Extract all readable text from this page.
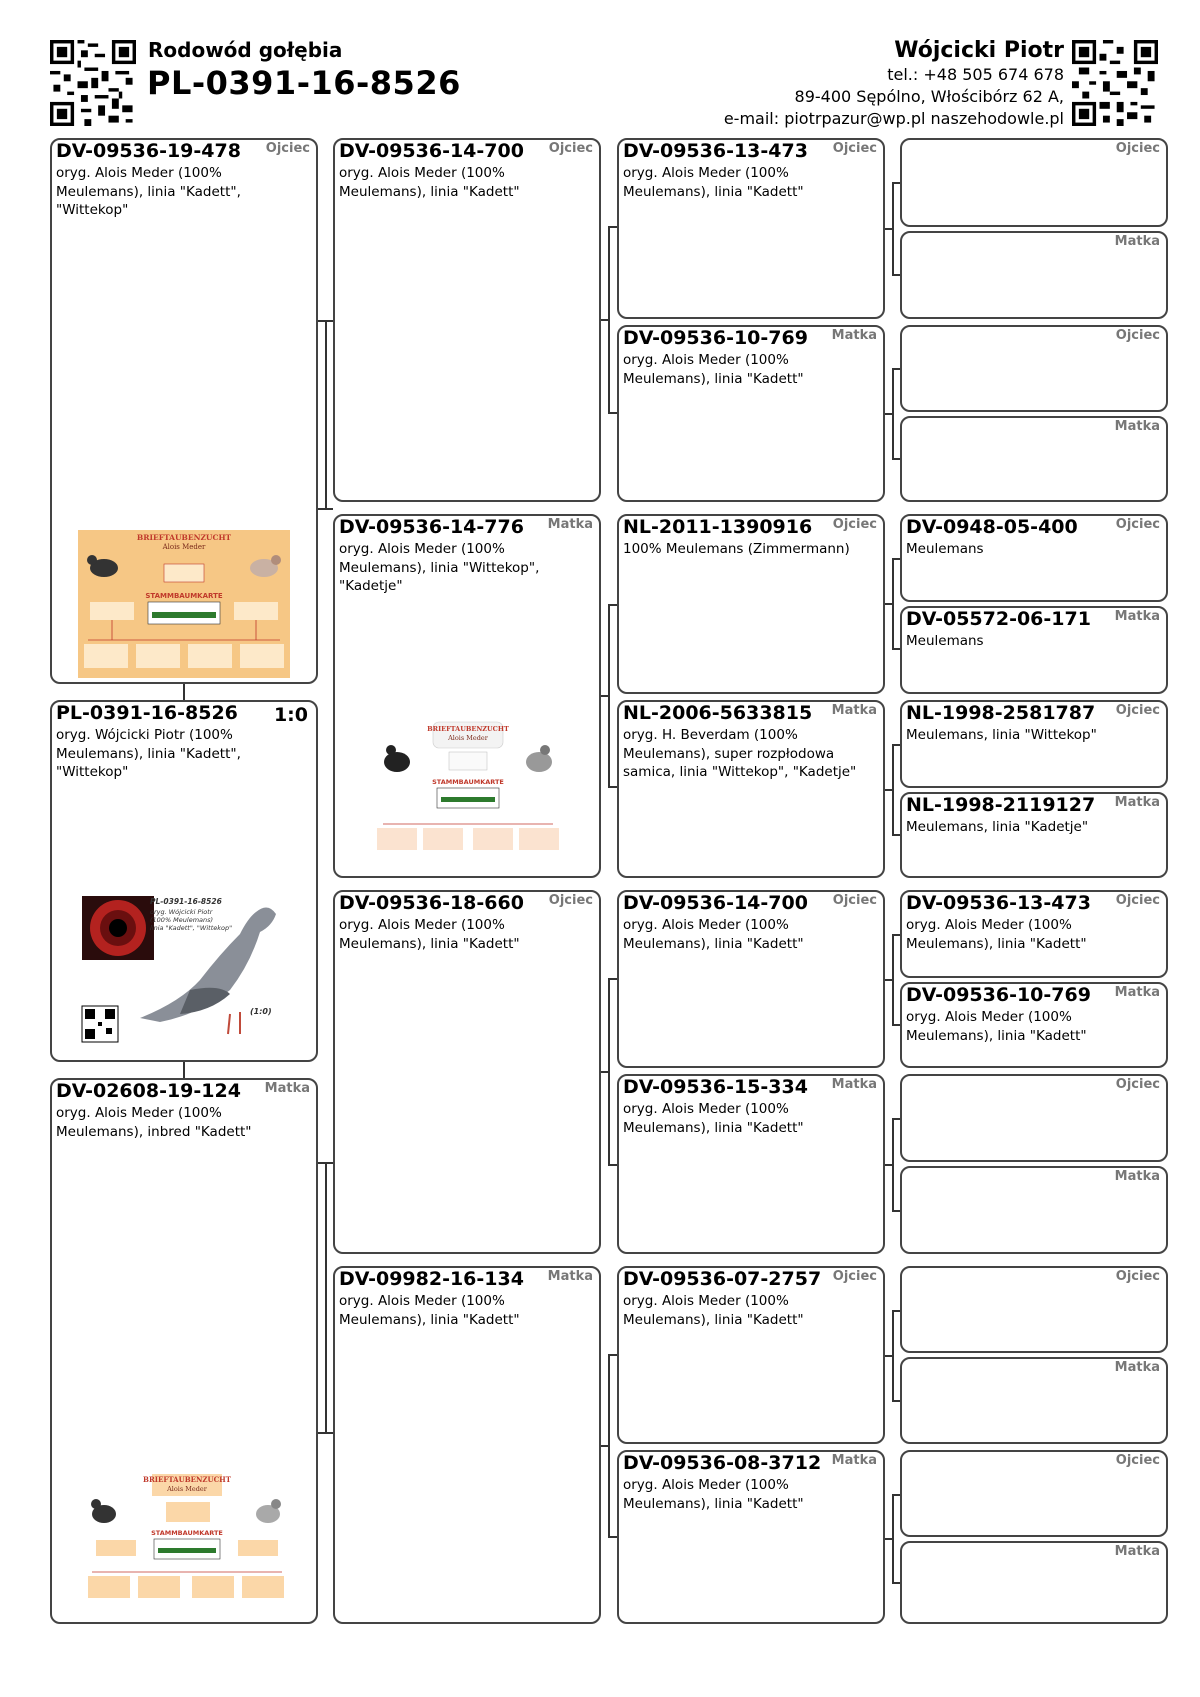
Rodowód gołębia
PL-0391-16-8526
Wójcicki Piotr
tel.: +48 505 674 678
89-400 Sępólno, Włościbórz 62 A,
e-mail: piotrpazur@wp.pl naszehodowle.pl
DV-09536-19-478 Ojciec
oryg. Alois Meder (100% Meulemans), linia "Kadett", "Wittekop"
BRIEFTAUBENZUCHT
Alois Meder
STAMMBAUMKARTE
PL-0391-16-8526 1:0
oryg. Wójcicki Piotr (100% Meulemans), linia "Kadett", "Wittekop"
PL-0391-16-8526
oryg. Wójcicki Piotr
(100% Meulemans)
linia "Kadett", "Wittekop"
(1:0)
DV-02608-19-124 Matka
oryg. Alois Meder (100% Meulemans), inbred "Kadett"
BRIEFTAUBENZUCHT
Alois Meder
STAMMBAUMKARTE
DV-09536-14-700 Ojciec
oryg. Alois Meder (100% Meulemans), linia "Kadett"
DV-09536-14-776 Matka
oryg. Alois Meder (100% Meulemans), linia "Wittekop", "Kadetje"
BRIEFTAUBENZUCHT
Alois Meder
STAMMBAUMKARTE
DV-09536-18-660 Ojciec
oryg. Alois Meder (100% Meulemans), linia "Kadett"
DV-09982-16-134 Matka
oryg. Alois Meder (100% Meulemans), linia "Kadett"
DV-09536-13-473 Ojciec
oryg. Alois Meder (100% Meulemans), linia "Kadett"
DV-09536-10-769 Matka
oryg. Alois Meder (100% Meulemans), linia "Kadett"
NL-2011-1390916 Ojciec
100% Meulemans (Zimmermann)
NL-2006-5633815 Matka
oryg. H. Beverdam (100% Meulemans), super rozpłodowa samica, linia "Wittekop", "Kadetje"
DV-09536-14-700 Ojciec
oryg. Alois Meder (100% Meulemans), linia "Kadett"
DV-09536-15-334 Matka
oryg. Alois Meder (100% Meulemans), linia "Kadett"
DV-09536-07-2757 Ojciec
oryg. Alois Meder (100% Meulemans), linia "Kadett"
DV-09536-08-3712 Matka
oryg. Alois Meder (100% Meulemans), linia "Kadett"
Ojciec
Matka
Ojciec
Matka
DV-0948-05-400	Ojciec
Meulemans
DV-05572-06-171 Matka
Meulemans
NL-1998-2581787 Ojciec
Meulemans, linia "Wittekop"
NL-1998-2119127 Matka
Meulemans, linia "Kadetje"
DV-09536-13-473 Ojciec
oryg. Alois Meder (100% Meulemans), linia "Kadett"
DV-09536-10-769 Matka
oryg. Alois Meder (100% Meulemans), linia "Kadett"
Ojciec
Matka
Ojciec
Matka
Ojciec
Matka
